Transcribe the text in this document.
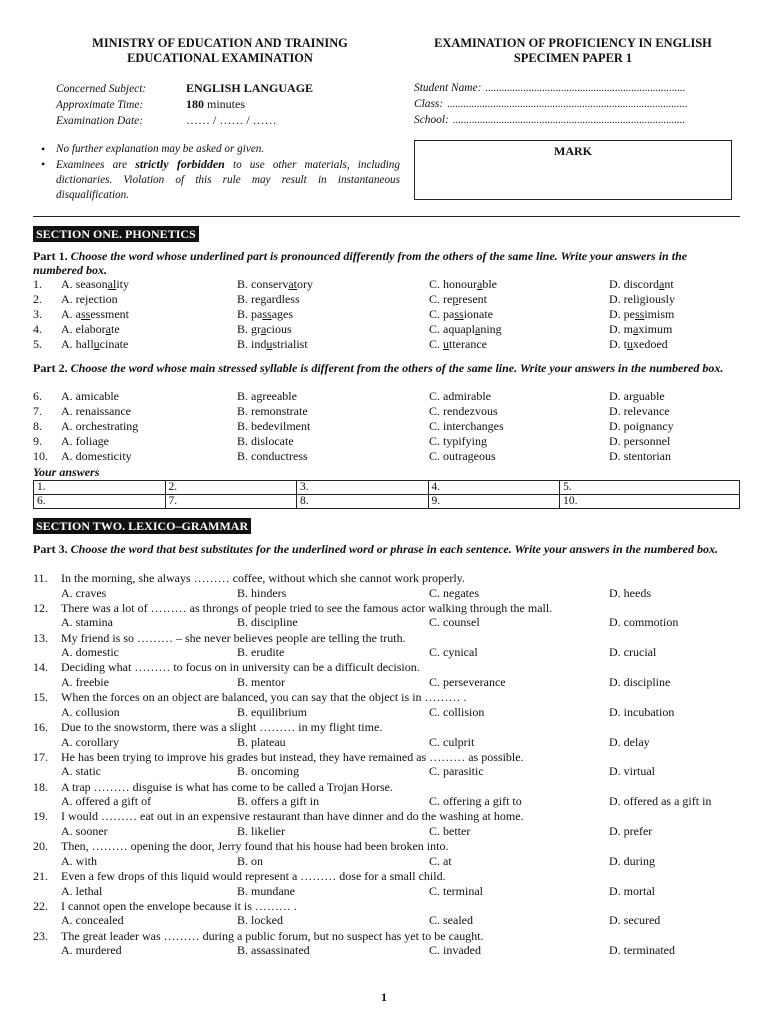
MINISTRY OF EDUCATION AND TRAINING
EDUCATIONAL EXAMINATION
EXAMINATION OF PROFICIENCY IN ENGLISH
SPECIMEN PAPER 1
Concerned Subject:	ENGLISH LANGUAGE
Approximate Time:	180 minutes
Examination Date:	…… / …… / ……
Student Name: ..........................................................................
Class: .........................................................................................
School: ......................................................................................
• No further explanation may be asked or given.
• Examinees are strictly forbidden to use other materials, including dictionaries. Violation of this rule may result in instantaneous disqualification.
MARK
SECTION ONE. PHONETICS
Part 1. Choose the word whose underlined part is pronounced differently from the others of the same line. Write your answers in the numbered box.
1. A. seasonality	B. conservatory	C. honourable	D. discordant
2. A. rejection	B. regardless	C. represent	D. religiously
3. A. assessment	B. passages	C. passionate	D. pessimism
4. A. elaborate	B. gracious	C. aquaplaning	D. maximum
5. A. hallucinate	B. industrialist	C. utterance	D. tuxedoed
Part 2. Choose the word whose main stressed syllable is different from the others of the same line. Write your answers in the numbered box.
6. A. amicable	B. agreeable	C. admirable	D. arguable
7. A. renaissance	B. remonstrate	C. rendezvous	D. relevance
8. A. orchestrating	B. bedevilment	C. interchanges	D. poignancy
9. A. foliage	B. dislocate	C. typifying	D. personnel
10. A. domesticity	B. conductress	C. outrageous	D. stentorian
Your answers
1.	2.	3.	4.	5.
6.	7.	8.	9.	10.
SECTION TWO. LEXICO–GRAMMAR
Part 3. Choose the word that best substitutes for the underlined word or phrase in each sentence. Write your answers in the numbered box.
11. In the morning, she always ……… coffee, without which she cannot work properly.
A. craves	B. hinders	C. negates	D. heeds
12. There was a lot of ……… as throngs of people tried to see the famous actor walking through the mall.
A. stamina	B. discipline	C. counsel	D. commotion
13. My friend is so ……… – she never believes people are telling the truth.
A. domestic	B. erudite	C. cynical	D. crucial
14. Deciding what ……… to focus on in university can be a difficult decision.
A. freebie	B. mentor	C. perseverance	D. discipline
15. When the forces on an object are balanced, you can say that the object is in ……… .
A. collusion	B. equilibrium	C. collision	D. incubation
16. Due to the snowstorm, there was a slight ……… in my flight time.
A. corollary	B. plateau	C. culprit	D. delay
17. He has been trying to improve his grades but instead, they have remained as ……… as possible.
A. static	B. oncoming	C. parasitic	D. virtual
18. A trap ……… disguise is what has come to be called a Trojan Horse.
A. offered a gift of	B. offers a gift in	C. offering a gift to	D. offered as a gift in
19. I would ……… eat out in an expensive restaurant than have dinner and do the washing at home.
A. sooner	B. likelier	C. better	D. prefer
20. Then, ……… opening the door, Jerry found that his house had been broken into.
A. with	B. on	C. at	D. during
21. Even a few drops of this liquid would represent a ……… dose for a small child.
A. lethal	B. mundane	C. terminal	D. mortal
22. I cannot open the envelope because it is ……… .
A. concealed	B. locked	C. sealed	D. secured
23. The great leader was ……… during a public forum, but no suspect has yet to be caught.
A. murdered	B. assassinated	C. invaded	D. terminated
1
